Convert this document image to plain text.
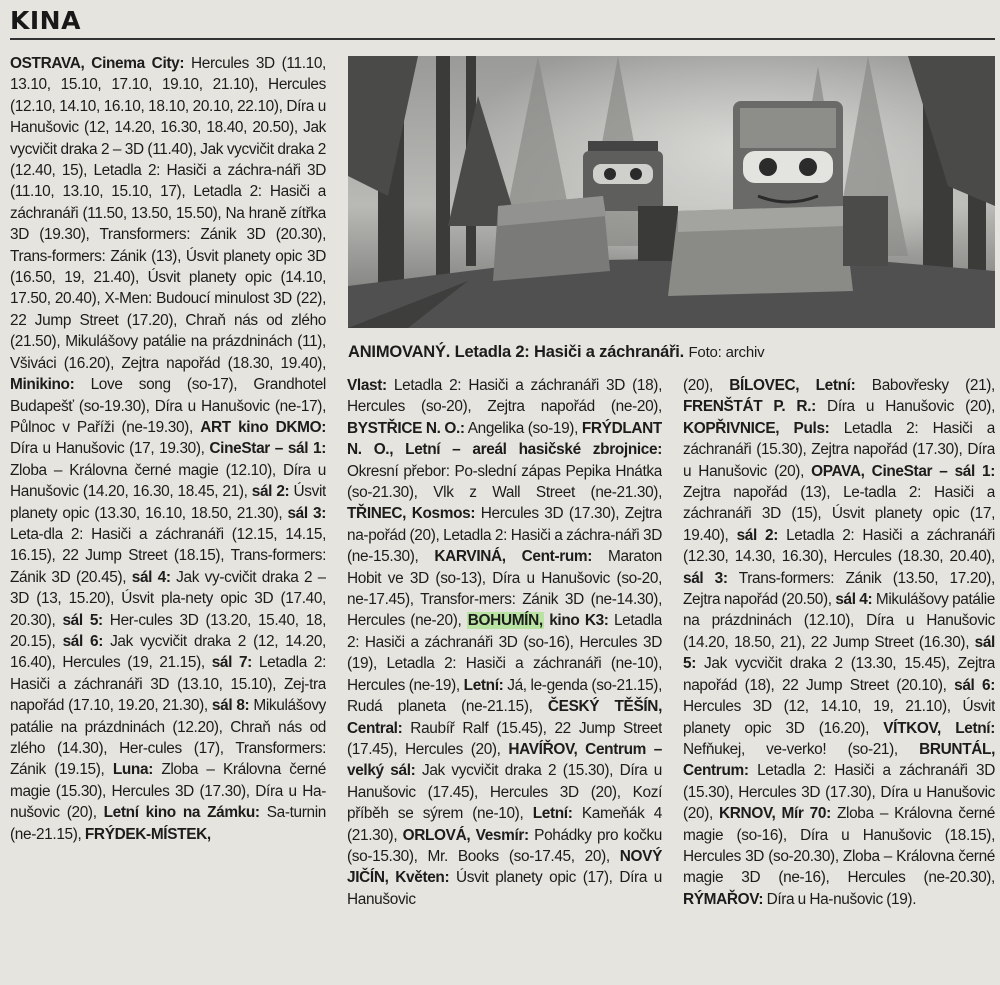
KINA
OSTRAVA, Cinema City: Hercules 3D (11.10, 13.10, 15.10, 17.10, 19.10, 21.10), Hercules (12.10, 14.10, 16.10, 18.10, 20.10, 22.10), Díra u Hanušovic (12, 14.20, 16.30, 18.40, 20.50), Jak vycvičit draka 2 – 3D (11.40), Jak vycvičit draka 2 (12.40, 15), Letadla 2: Hasiči a záchra-náři 3D (11.10, 13.10, 15.10, 17), Letadla 2: Hasiči a záchranáři (11.50, 13.50, 15.50), Na hraně zítřka 3D (19.30), Transformers: Zánik 3D (20.30), Trans-formers: Zánik (13), Úsvit planety opic 3D (16.50, 19, 21.40), Úsvit planety opic (14.10, 17.50, 20.40), X-Men: Budoucí minulost 3D (22), 22 Jump Street (17.20), Chraň nás od zlého (21.50), Mikulášovy patálie na prázdninách (11), Všiváci (16.20), Zejtra napořád (18.30, 19.40), Minikino: Love song (so-17), Grandhotel Budapešť (so-19.30), Díra u Hanušovic (ne-17), Půlnoc v Paříži (ne-19.30), ART kino DKMO: Díra u Hanušovic (17, 19.30), CineStar – sál 1: Zloba – Královna černé magie (12.10), Díra u Hanušovic (14.20, 16.30, 18.45, 21), sál 2: Úsvit planety opic (13.30, 16.10, 18.50, 21.30), sál 3: Leta-dla 2: Hasiči a záchranáři (12.15, 14.15, 16.15), 22 Jump Street (18.15), Trans-formers: Zánik 3D (20.45), sál 4: Jak vy-cvičit draka 2 – 3D (13, 15.20), Úsvit pla-nety opic 3D (17.40, 20.30), sál 5: Her-cules 3D (13.20, 15.40, 18, 20.15), sál 6: Jak vycvičit draka 2 (12, 14.20, 16.40), Hercules (19, 21.15), sál 7: Letadla 2: Hasiči a záchranáři 3D (13.10, 15.10), Zej-tra napořád (17.10, 19.20, 21.30), sál 8: Mikulášovy patálie na prázdninách (12.20), Chraň nás od zlého (14.30), Her-cules (17), Transformers: Zánik (19.15), Luna: Zloba – Královna černé magie (15.30), Hercules 3D (17.30), Díra u Ha-nušovic (20), Letní kino na Zámku: Sa-turnin (ne-21.15), FRÝDEK-MÍSTEK,
ANIMOVANÝ. Letadla 2: Hasiči a záchranáři. Foto: archiv
Vlast: Letadla 2: Hasiči a záchranáři 3D (18), Hercules (so-20), Zejtra napořád (ne-20), BYSTŘICE N. O.: Angelika (so-19), FRÝDLANT N. O., Letní – areál hasičské zbrojnice: Okresní přebor: Po-slední zápas Pepika Hnátka (so-21.30), Vlk z Wall Street (ne-21.30), TŘINEC, Kosmos: Hercules 3D (17.30), Zejtra na-pořád (20), Letadla 2: Hasiči a záchra-náři 3D (ne-15.30), KARVINÁ, Cent-rum: Maraton Hobit ve 3D (so-13), Díra u Hanušovic (so-20, ne-17.45), Transfor-mers: Zánik 3D (ne-14.30), Hercules (ne-20), BOHUMÍN, kino K3: Letadla 2: Hasiči a záchranáři 3D (so-16), Hercules 3D (19), Letadla 2: Hasiči a záchranáři (ne-10), Hercules (ne-19), Letní: Já, le-genda (so-21.15), Rudá planeta (ne-21.15), ČESKÝ TĚŠÍN, Central: Raubíř Ralf (15.45), 22 Jump Street (17.45), Hercules (20), HAVÍŘOV, Centrum – velký sál: Jak vycvičit draka 2 (15.30), Díra u Hanušovic (17.45), Hercules 3D (20), Kozí příběh se sýrem (ne-10), Letní: Kameňák 4 (21.30), ORLOVÁ, Vesmír: Pohádky pro kočku (so-15.30), Mr. Books (so-17.45, 20), NOVÝ JIČÍN, Květen: Úsvit planety opic (17), Díra u Hanušovic
(20), BÍLOVEC, Letní: Babovřesky (21), FRENŠTÁT P. R.: Díra u Hanušovic (20), KOPŘIVNICE, Puls: Letadla 2: Hasiči a záchranáři (15.30), Zejtra napořád (17.30), Díra u Hanušovic (20), OPAVA, CineStar – sál 1: Zejtra napořád (13), Le-tadla 2: Hasiči a záchranáři 3D (15), Úsvit planety opic (17, 19.40), sál 2: Letadla 2: Hasiči a záchranáři (12.30, 14.30, 16.30), Hercules (18.30, 20.40), sál 3: Trans-formers: Zánik (13.50, 17.20), Zejtra napořád (20.50), sál 4: Mikulášovy patálie na prázdninách (12.10), Díra u Hanušovic (14.20, 18.50, 21), 22 Jump Street (16.30), sál 5: Jak vycvičit draka 2 (13.30, 15.45), Zejtra napořád (18), 22 Jump Street (20.10), sál 6: Hercules 3D (12, 14.10, 19, 21.10), Úsvit planety opic 3D (16.20), VÍTKOV, Letní: Nefňukej, ve-verko! (so-21), BRUNTÁL, Centrum: Letadla 2: Hasiči a záchranáři 3D (15.30), Hercules 3D (17.30), Díra u Hanušovic (20), KRNOV, Mír 70: Zloba – Královna černé magie (so-16), Díra u Hanušovic (18.15), Hercules 3D (so-20.30), Zloba – Královna černé magie 3D (ne-16), Hercules (ne-20.30), RÝMAŘOV: Díra u Ha-nušovic (19).
